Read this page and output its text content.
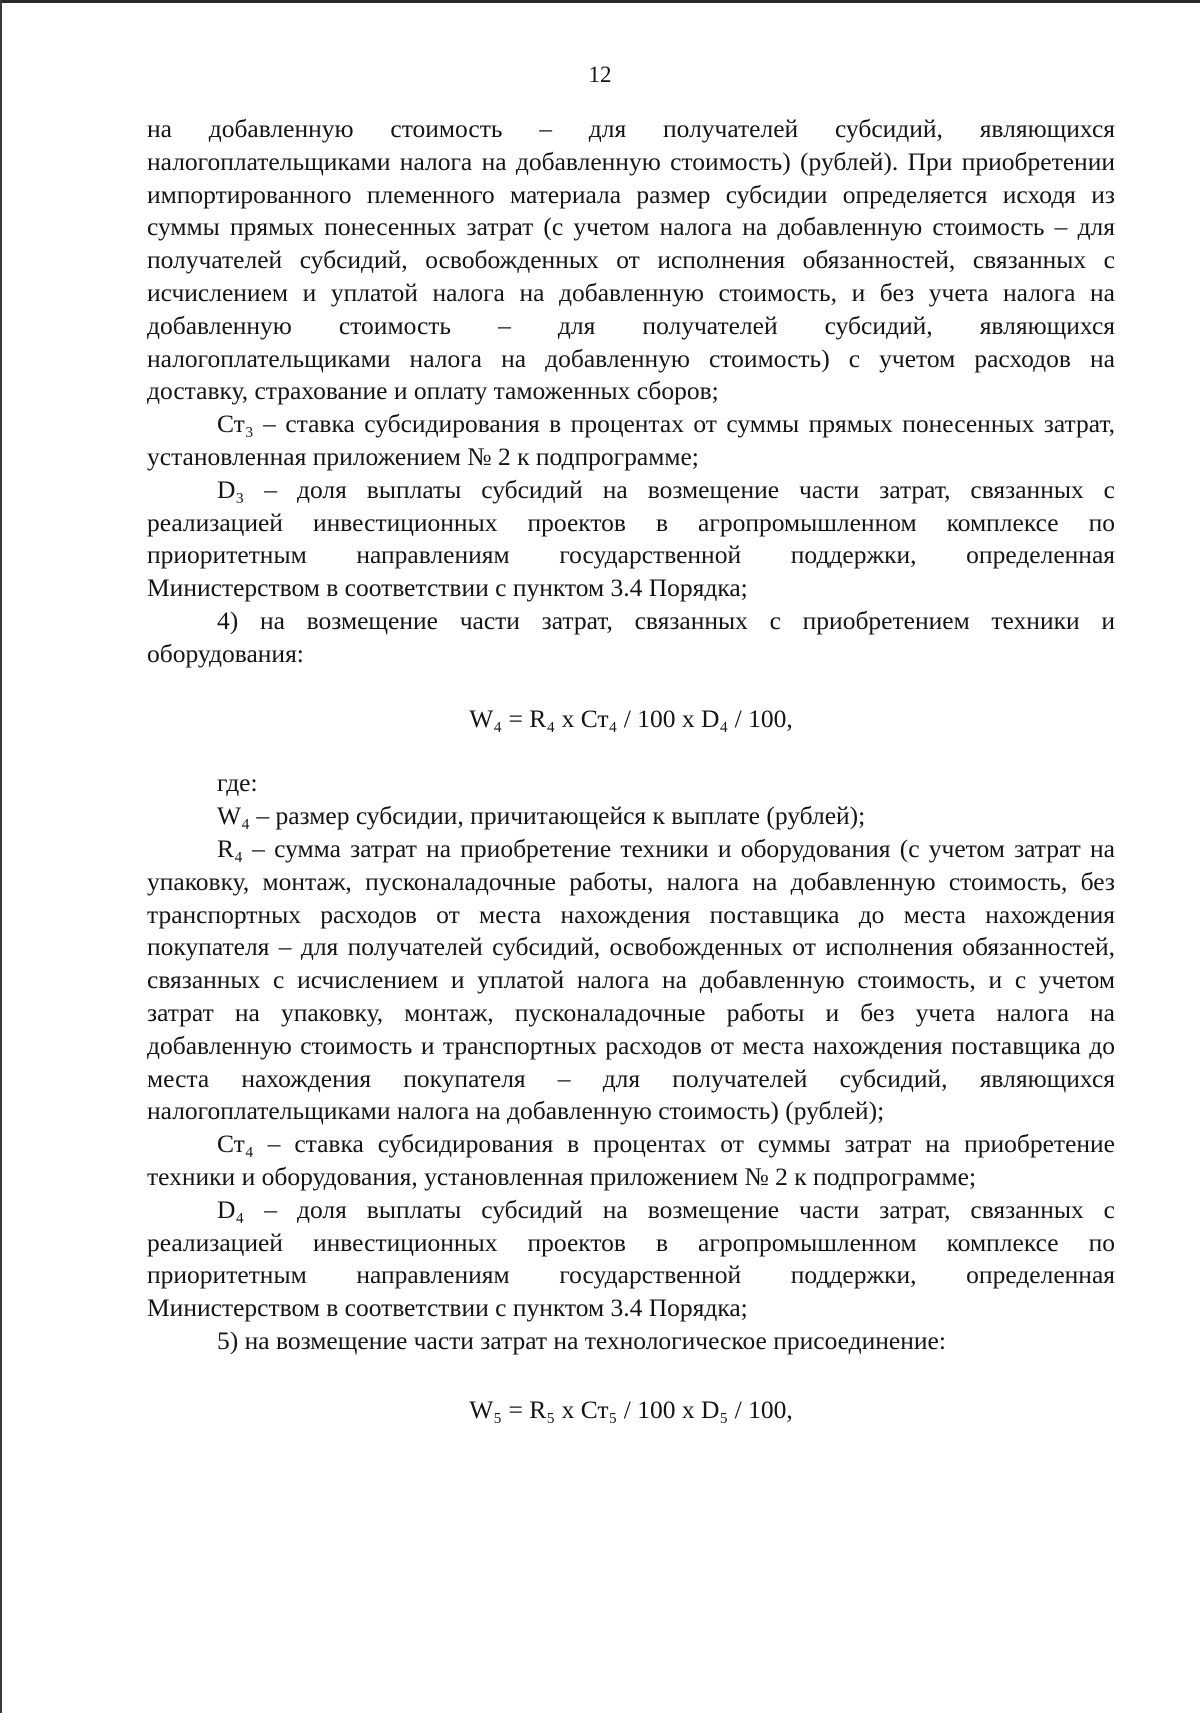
12

на добавленную стоимость – для получателей субсидий, являющихся налогоплательщиками налога на добавленную стоимость) (рублей). При приобретении импортированного племенного материала размер субсидии определяется исходя из суммы прямых понесенных затрат (с учетом налога на добавленную стоимость – для получателей субсидий, освобожденных от исполнения обязанностей, связанных с исчислением и уплатой налога на добавленную стоимость, и без учета налога на добавленную стоимость – для получателей субсидий, являющихся налогоплательщиками налога на добавленную стоимость) с учетом расходов на доставку, страхование и оплату таможенных сборов;

Ст₃ – ставка субсидирования в процентах от суммы прямых понесенных затрат, установленная приложением № 2 к подпрограмме;

D₃ – доля выплаты субсидий на возмещение части затрат, связанных с реализацией инвестиционных проектов в агропромышленном комплексе по приоритетным направлениям государственной поддержки, определенная Министерством в соответствии с пунктом 3.4 Порядка;

4) на возмещение части затрат, связанных с приобретением техники и оборудования:

W₄ = R₄ x Ст₄ / 100 x D₄ / 100,

где:

W₄ – размер субсидии, причитающейся к выплате (рублей);

R₄ – сумма затрат на приобретение техники и оборудования (с учетом затрат на упаковку, монтаж, пусконаладочные работы, налога на добавленную стоимость, без транспортных расходов от места нахождения поставщика до места нахождения покупателя – для получателей субсидий, освобожденных от исполнения обязанностей, связанных с исчислением и уплатой налога на добавленную стоимость, и с учетом затрат на упаковку, монтаж, пусконаладочные работы и без учета налога на добавленную стоимость и транспортных расходов от места нахождения поставщика до места нахождения покупателя – для получателей субсидий, являющихся налогоплательщиками налога на добавленную стоимость) (рублей);

Ст₄ – ставка субсидирования в процентах от суммы затрат на приобретение техники и оборудования, установленная приложением № 2 к подпрограмме;

D₄ – доля выплаты субсидий на возмещение части затрат, связанных с реализацией инвестиционных проектов в агропромышленном комплексе по приоритетным направлениям государственной поддержки, определенная Министерством в соответствии с пунктом 3.4 Порядка;

5) на возмещение части затрат на технологическое присоединение:

W₅ = R₅ x Ст₅ / 100 x D₅ / 100,
